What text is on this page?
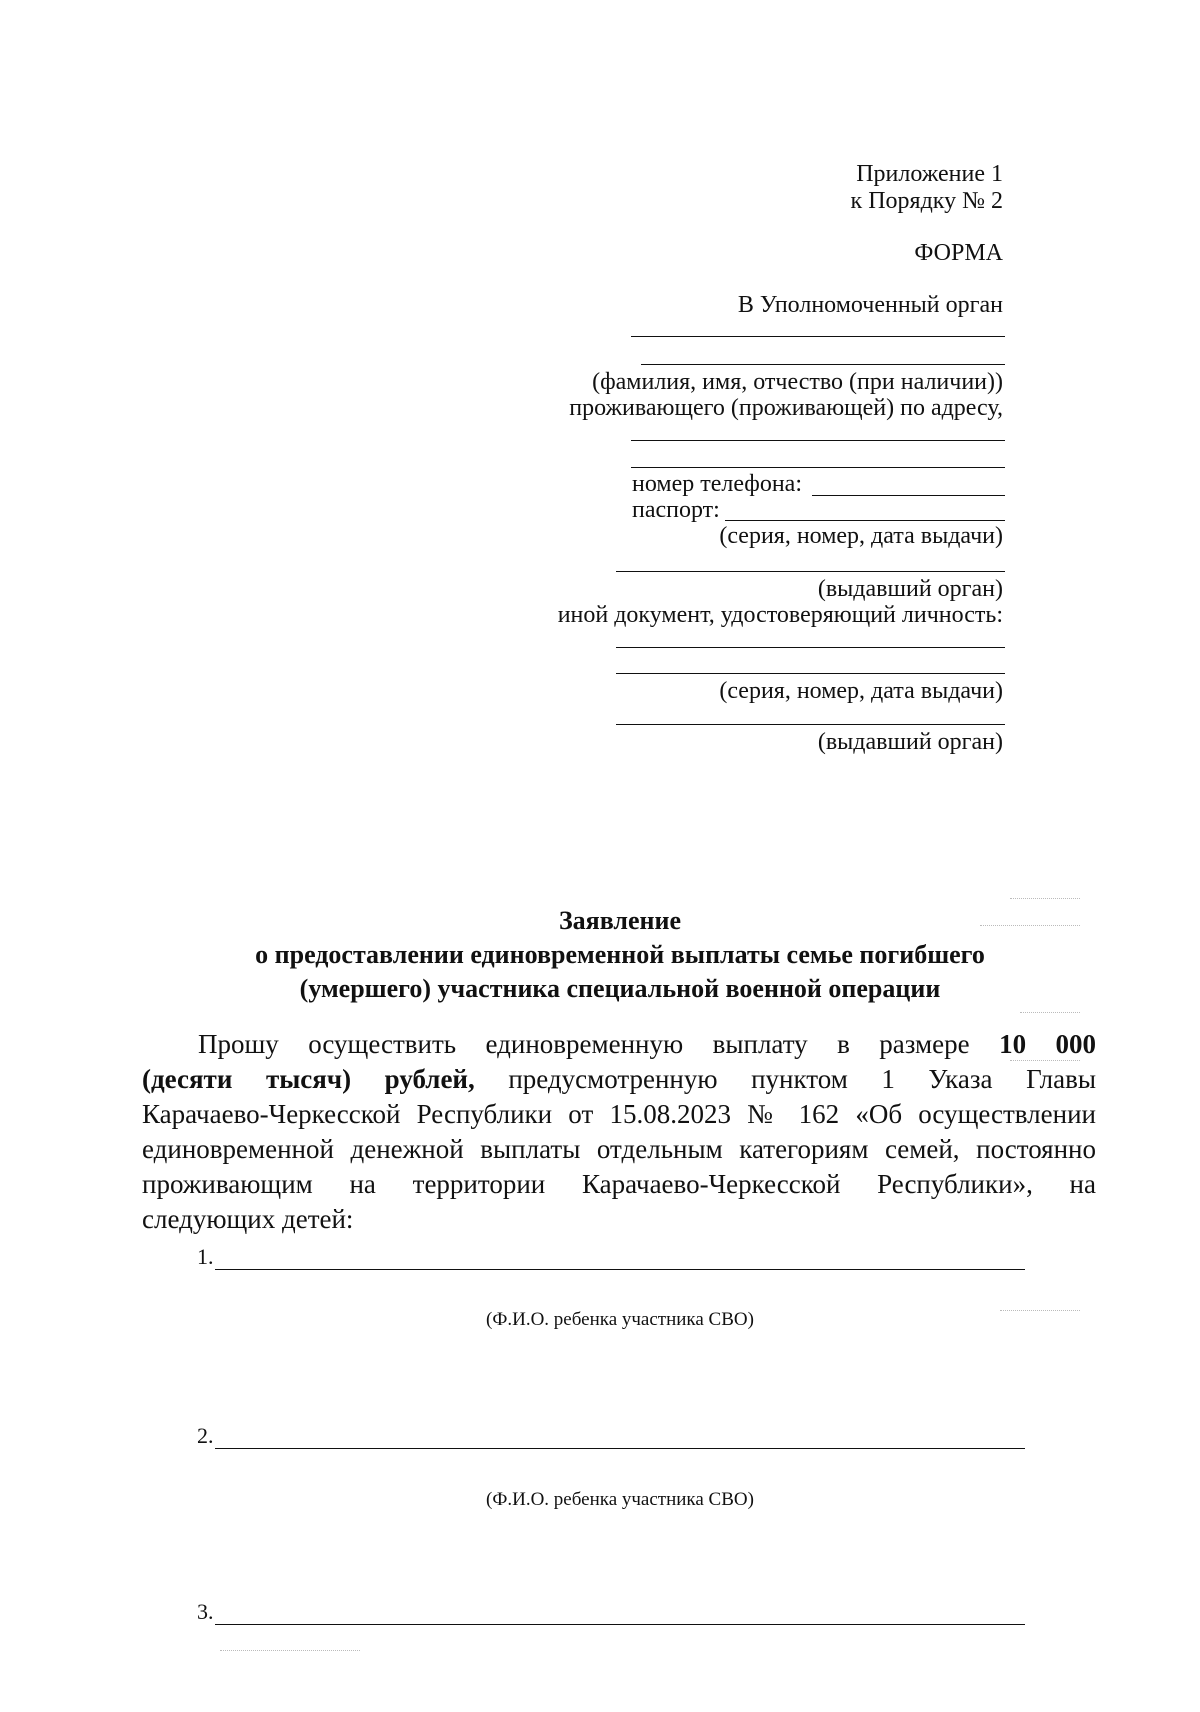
Приложение 1
к Порядку № 2
ФОРМА
В Уполномоченный орган
(фамилия, имя, отчество (при наличии))
проживающего (проживающей) по адресу,
номер телефона:
паспорт:
(серия, номер, дата выдачи)
(выдавший орган)
иной документ, удостоверяющий личность:
(серия, номер, дата выдачи)
(выдавший орган)
Заявление
о предоставлении единовременной выплаты семье погибшего
(умершего) участника специальной военной операции
Прошу осуществить единовременную выплату в размере 10 000
(десяти тысяч) рублей, предусмотренную пунктом 1 Указа Главы
Карачаево-Черкесской Республики от 15.08.2023 № 162 «Об осуществлении
единовременной денежной выплаты отдельным категориям семей, постоянно
проживающим на территории Карачаево-Черкесской Республики», на
следующих детей:
1.
(Ф.И.О. ребенка участника СВО)
2.
(Ф.И.О. ребенка участника СВО)
3.
